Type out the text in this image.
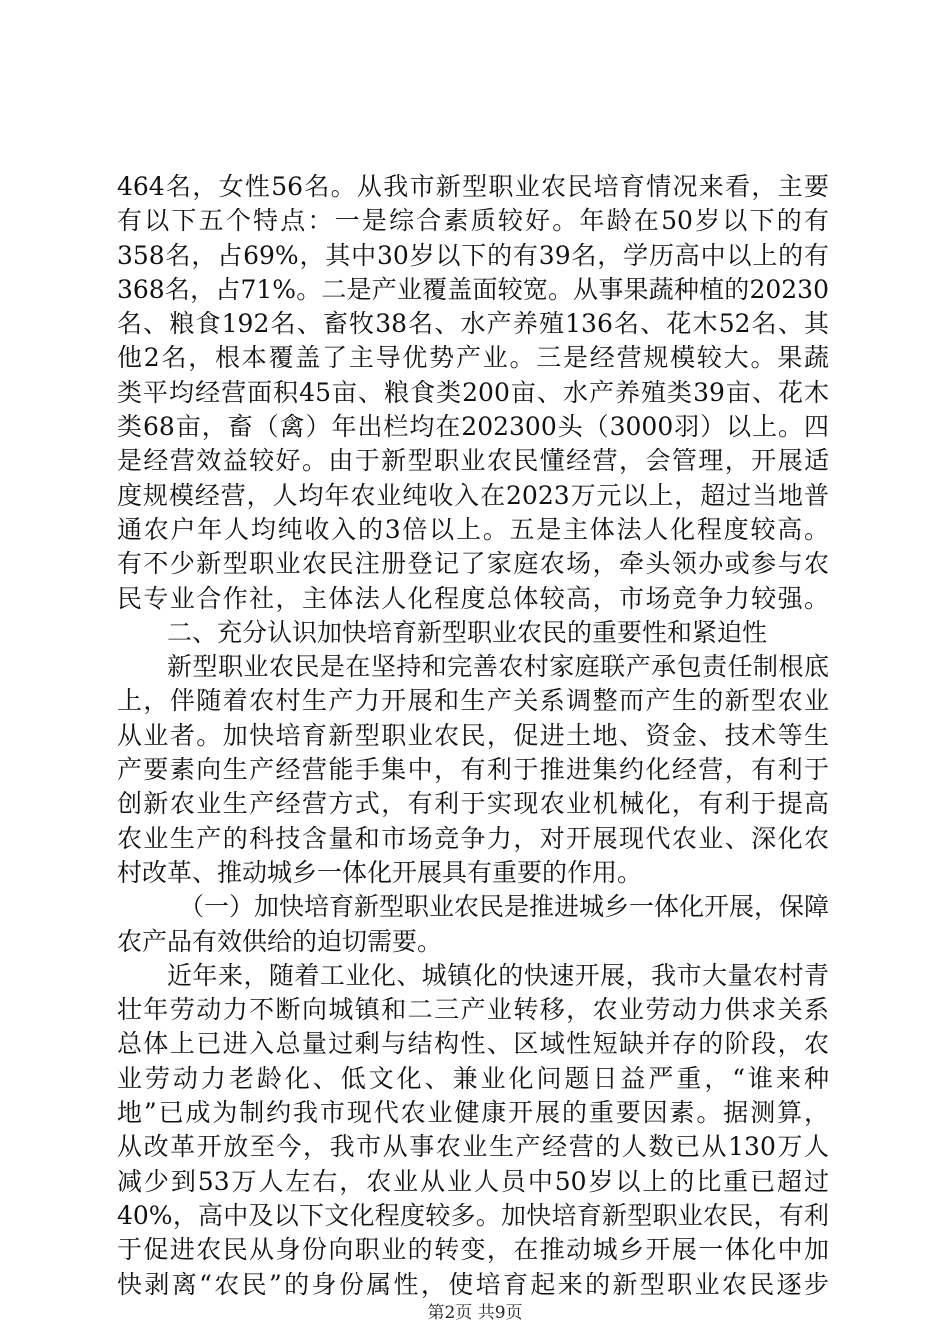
464名，女性56名。从我市新型职业农民培育情况来看，主要
有以下五个特点：一是综合素质较好。年龄在50岁以下的有
358名，占69%，其中30岁以下的有39名，学历高中以上的有
368名，占71%。二是产业覆盖面较宽。从事果蔬种植的20230
名、粮食192名、畜牧38名、水产养殖136名、花木52名、其
他2名，根本覆盖了主导优势产业。三是经营规模较大。果蔬
类平均经营面积45亩、粮食类200亩、水产养殖类39亩、花木
类68亩，畜（禽）年出栏均在202300头（3000羽）以上。四
是经营效益较好。由于新型职业农民懂经营，会管理，开展适
度规模经营，人均年农业纯收入在2023万元以上，超过当地普
通农户年人均纯收入的3倍以上。五是主体法人化程度较高。
有不少新型职业农民注册登记了家庭农场，牵头领办或参与农
民专业合作社，主体法人化程度总体较高，市场竞争力较强。
二、充分认识加快培育新型职业农民的重要性和紧迫性
新型职业农民是在坚持和完善农村家庭联产承包责任制根底
上，伴随着农村生产力开展和生产关系调整而产生的新型农业
从业者。加快培育新型职业农民，促进土地、资金、技术等生
产要素向生产经营能手集中，有利于推进集约化经营，有利于
创新农业生产经营方式，有利于实现农业机械化，有利于提高
农业生产的科技含量和市场竞争力，对开展现代农业、深化农
村改革、推动城乡一体化开展具有重要的作用。
（一）加快培育新型职业农民是推进城乡一体化开展，保障
农产品有效供给的迫切需要。
近年来，随着工业化、城镇化的快速开展，我市大量农村青
壮年劳动力不断向城镇和二三产业转移，农业劳动力供求关系
总体上已进入总量过剩与结构性、区域性短缺并存的阶段，农
业劳动力老龄化、低文化、兼业化问题日益严重，“谁来种
地”已成为制约我市现代农业健康开展的重要因素。据测算，
从改革开放至今，我市从事农业生产经营的人数已从130万人
减少到53万人左右，农业从业人员中50岁以上的比重已超过
40%，高中及以下文化程度较多。加快培育新型职业农民，有利
于促进农民从身份向职业的转变，在推动城乡开展一体化中加
快剥离“农民”的身份属性，使培育起来的新型职业农民逐步
第2页 共9页
